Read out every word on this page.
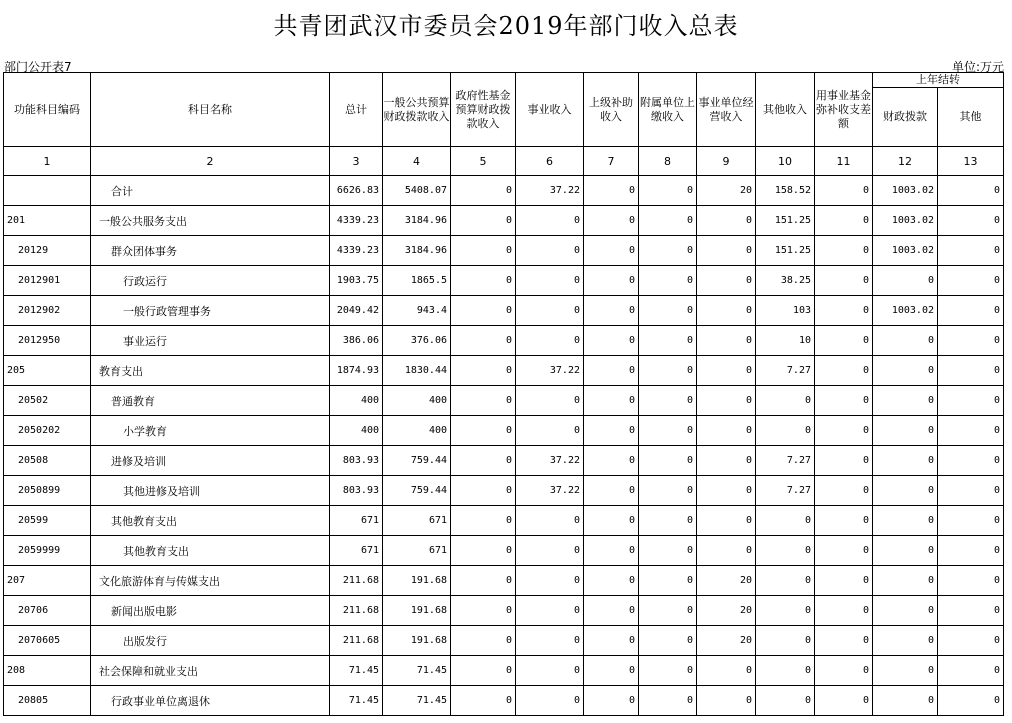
共青团武汉市委员会2019年部门收入总表
部门公开表7	单位:万元
功能科目编码	科目名称	总计	一般公共预算财政拨款收入	政府性基金预算财政拨款收入	事业收入	上级补助收入	附属单位上缴收入	事业单位经营收入	其他收入	用事业基金弥补收支差额	上年结转	
											财政拨款	其他
1	2	3	4	5	6	7	8	9	10	11	12	13
	合计	6626.83	5408.07	0	37.22	0	0	20	158.52	0	1003.02	0
201	一般公共服务支出	4339.23	3184.96	0	0	0	0	0	151.25	0	1003.02	0
20129	群众团体事务	4339.23	3184.96	0	0	0	0	0	151.25	0	1003.02	0
2012901	行政运行	1903.75	1865.5	0	0	0	0	0	38.25	0	0	0
2012902	一般行政管理事务	2049.42	943.4	0	0	0	0	0	103	0	1003.02	0
2012950	事业运行	386.06	376.06	0	0	0	0	0	10	0	0	0
205	教育支出	1874.93	1830.44	0	37.22	0	0	0	7.27	0	0	0
20502	普通教育	400	400	0	0	0	0	0	0	0	0	0
2050202	小学教育	400	400	0	0	0	0	0	0	0	0	0
20508	进修及培训	803.93	759.44	0	37.22	0	0	0	7.27	0	0	0
2050899	其他进修及培训	803.93	759.44	0	37.22	0	0	0	7.27	0	0	0
20599	其他教育支出	671	671	0	0	0	0	0	0	0	0	0
2059999	其他教育支出	671	671	0	0	0	0	0	0	0	0	0
207	文化旅游体育与传媒支出	211.68	191.68	0	0	0	0	20	0	0	0	0
20706	新闻出版电影	211.68	191.68	0	0	0	0	20	0	0	0	0
2070605	出版发行	211.68	191.68	0	0	0	0	20	0	0	0	0
208	社会保障和就业支出	71.45	71.45	0	0	0	0	0	0	0	0	0
20805	行政事业单位离退休	71.45	71.45	0	0	0	0	0	0	0	0	0
